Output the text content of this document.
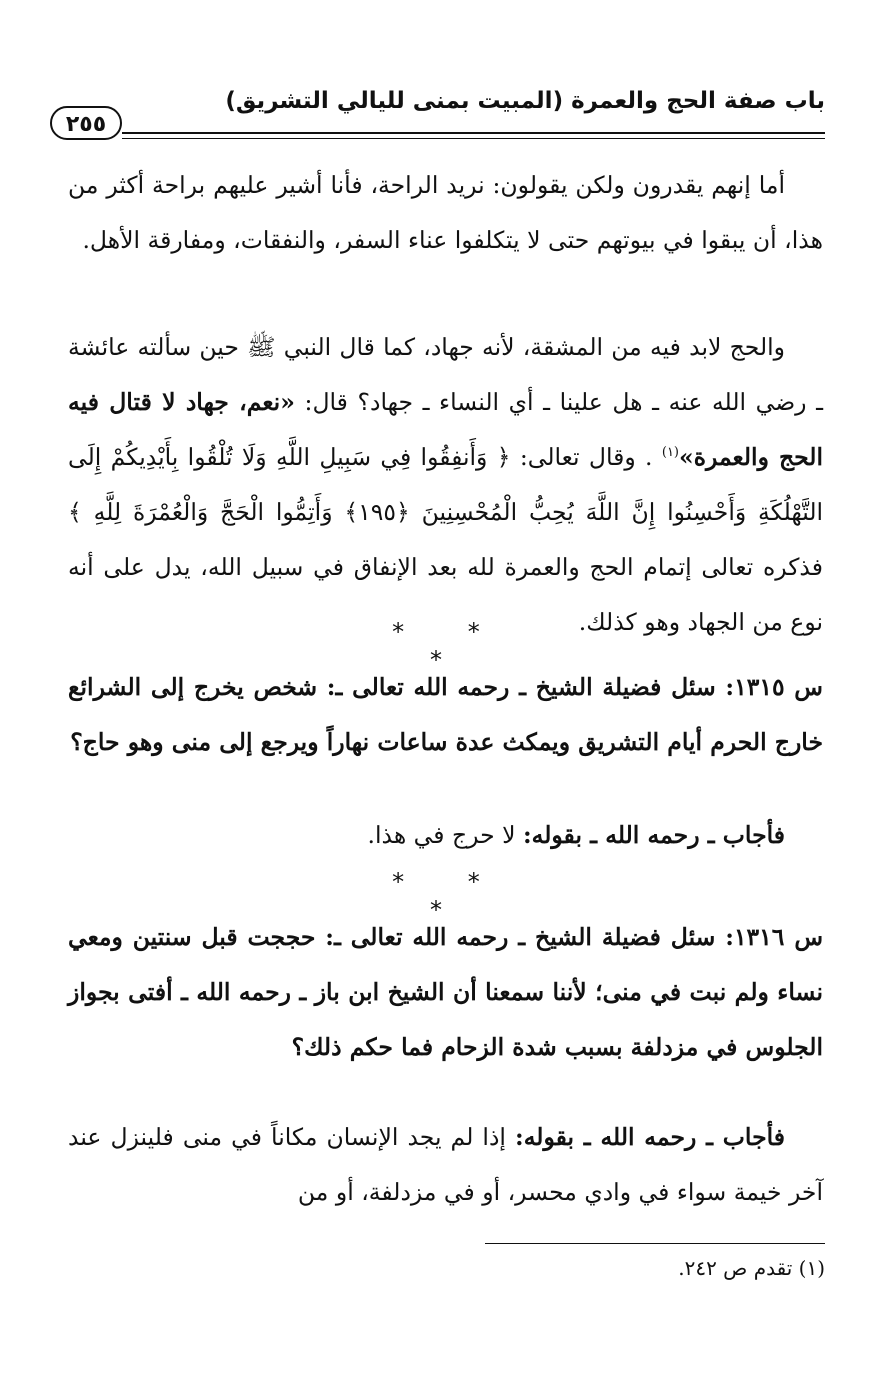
٢٥٥
باب صفة الحج والعمرة (المبيت بمنى لليالي التشريق)
أما إنهم يقدرون ولكن يقولون: نريد الراحة، فأنا أشير عليهم براحة أكثر من هذا، أن يبقوا في بيوتهم حتى لا يتكلفوا عناء السفر، والنفقات، ومفارقة الأهل.
والحج لابد فيه من المشقة، لأنه جهاد، كما قال النبي ﷺ حين سألته عائشة ـ رضي الله عنه ـ هل علينا ـ أي النساء ـ جهاد؟ قال: «نعم، جهاد لا قتال فيه الحج والعمرة»$^{(١)}$ . وقال تعالى: ﴿ وَأَنفِقُوا فِي سَبِيلِ اللَّهِ وَلَا تُلْقُوا بِأَيْدِيكُمْ إِلَى التَّهْلُكَةِ وَأَحْسِنُوا إِنَّ اللَّهَ يُحِبُّ الْمُحْسِنِينَ ﴿١٩٥﴾ وَأَتِمُّوا الْحَجَّ وَالْعُمْرَةَ لِلَّهِ ﴾ فذكره تعالى إتمام الحج والعمرة لله بعد الإنفاق في سبيل الله، يدل على أنه نوع من الجهاد وهو كذلك.
* * *
س ١٣١٥: سئل فضيلة الشيخ ـ رحمه الله تعالى ـ: شخص يخرج إلى الشرائع خارج الحرم أيام التشريق ويمكث عدة ساعات نهاراً ويرجع إلى منى وهو حاج؟
فأجاب ـ رحمه الله ـ بقوله: لا حرج في هذا.
* * *
س ١٣١٦: سئل فضيلة الشيخ ـ رحمه الله تعالى ـ: حججت قبل سنتين ومعي نساء ولم نبت في منى؛ لأننا سمعنا أن الشيخ ابن باز ـ رحمه الله ـ أفتى بجواز الجلوس في مزدلفة بسبب شدة الزحام فما حكم ذلك؟
فأجاب ـ رحمه الله ـ بقوله: إذا لم يجد الإنسان مكاناً في منى فلينزل عند آخر خيمة سواء في وادي محسر، أو في مزدلفة، أو من
(١) تقدم ص ٢٤٢.
